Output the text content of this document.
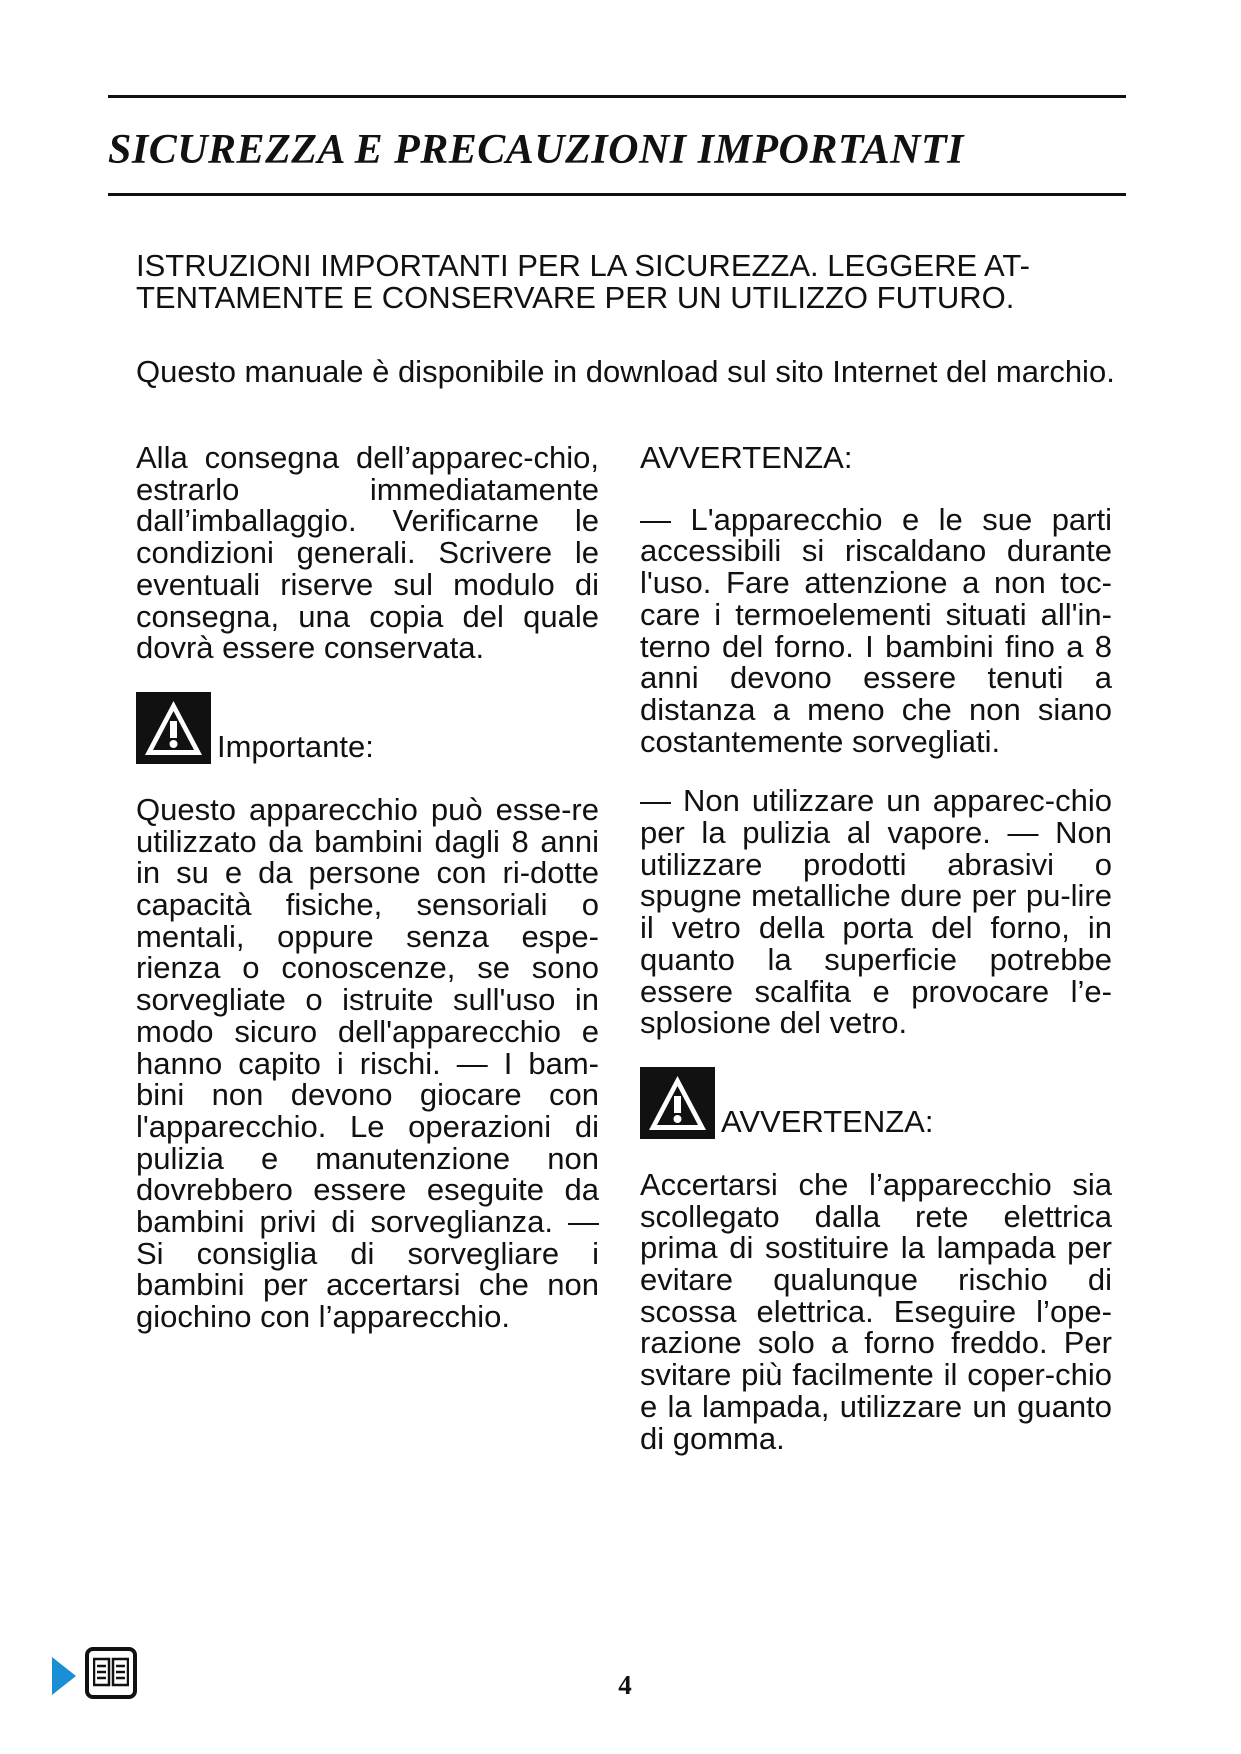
SICUREZZA E PRECAUZIONI IMPORTANTI
ISTRUZIONI IMPORTANTI PER LA SICUREZZA. LEGGERE AT-
TENTAMENTE E CONSERVARE PER UN UTILIZZO FUTURO.
Questo manuale è disponibile in download sul sito Internet del marchio.

Alla consegna dell’apparec-chio, estrarlo immediatamente dall’imballaggio. Verificarne le condizioni generali. Scrivere le eventuali riserve sul modulo di consegna, una copia del quale dovrà essere conservata.

Importante:

Questo apparecchio può esse-re utilizzato da bambini dagli 8 anni in su e da persone con ri-dotte capacità fisiche, sensoriali o mentali, oppure senza espe-rienza o conoscenze, se sono sorvegliate o istruite sull'uso in modo sicuro dell'apparecchio e hanno capito i rischi. — I bam-bini non devono giocare con l'apparecchio. Le operazioni di pulizia e manutenzione non dovrebbero essere eseguite da bambini privi di sorveglianza. — Si consiglia di sorvegliare i bambini per accertarsi che non giochino con l’apparecchio.

AVVERTENZA:

— L'apparecchio e le sue parti accessibili si riscaldano durante l'uso. Fare attenzione a non toc-care i termoelementi situati all'in-terno del forno. I bambini fino a 8 anni devono essere tenuti a distanza a meno che non siano costantemente sorvegliati.

— Non utilizzare un apparec-chio per la pulizia al vapore. — Non utilizzare prodotti abrasivi o spugne metalliche dure per pu-lire il vetro della porta del forno, in quanto la superficie potrebbe essere scalfita e provocare l’e-splosione del vetro.

AVVERTENZA:

Accertarsi che l’apparecchio sia scollegato dalla rete elettrica prima di sostituire la lampada per evitare qualunque rischio di scossa elettrica. Eseguire l’ope-razione solo a forno freddo. Per svitare più facilmente il coper-chio e la lampada, utilizzare un guanto di gomma.

4
